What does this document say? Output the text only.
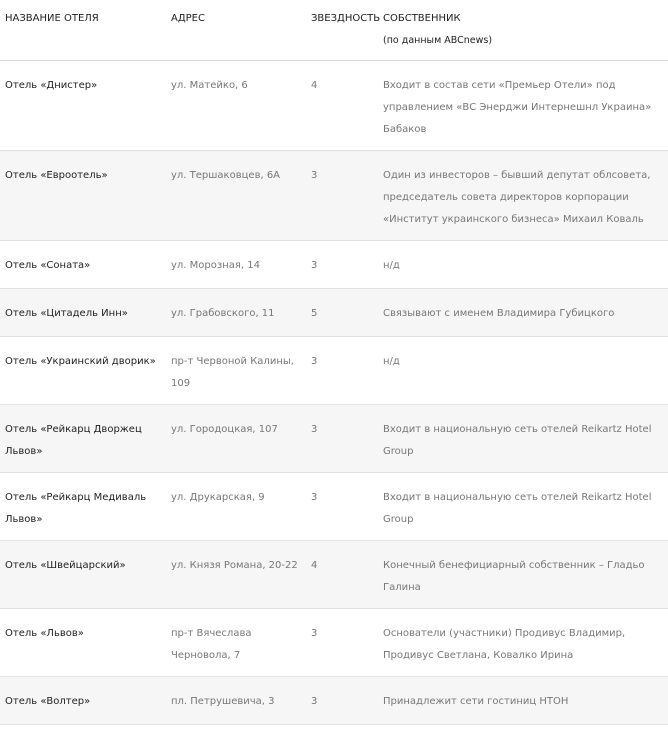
НАЗВАНИЕ ОТЕЛЯ	АДРЕС	ЗВЕЗДНОСТЬ	СОБСТВЕННИК
(по данным ABCnews)

Отель «Днистер»	ул. Матейко, 6	4	Входит в состав сети «Премьер Отели» под управлением «ВС Энерджи Интернешнл Украина» Бабаков
Отель «Евроотель»	ул. Тершаковцев, 6А	3	Один из инвесторов – бывший депутат облсовета, председатель совета директоров корпорации «Институт украинского бизнеса» Михаил Коваль
Отель «Соната»	ул. Морозная, 14	3	н/д
Отель «Цитадель Инн»	ул. Грабовского, 11	5	Связывают с именем Владимира Губицкого
Отель «Украинский дворик»	пр-т Червоной Калины, 109	3	н/д
Отель «Рейкарц Дворжец Львов»	ул. Городоцкая, 107	3	Входит в национальную сеть отелей Reikartz Hotel Group
Отель «Рейкарц Медиваль Львов»	ул. Друкарская, 9	3	Входит в национальную сеть отелей Reikartz Hotel Group
Отель «Швейцарский»	ул. Князя Романа, 20-22	4	Конечный бенефициарный собственник – Гладьо Галина
Отель «Львов»	пр-т Вячеслава Черновола, 7	3	Основатели (участники) Продивус Владимир, Продивус Светлана, Ковалко Ирина
Отель «Волтер»	пл. Петрушевича, 3	3	Принадлежит сети гостиниц НТОН
